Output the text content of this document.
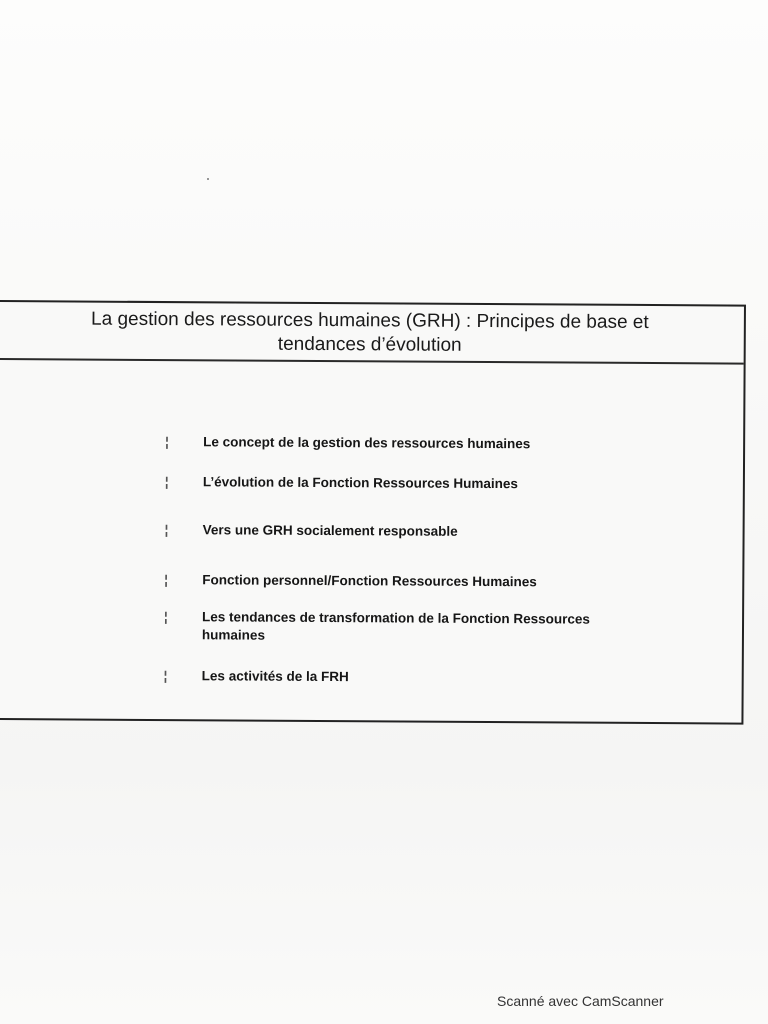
La gestion des ressources humaines (GRH) : Principes de base et tendances d’évolution
¦	Le concept de la gestion des ressources humaines
¦	L’évolution de la Fonction Ressources Humaines
¦	Vers une GRH socialement responsable
¦	Fonction personnel/Fonction Ressources Humaines
¦	Les tendances de transformation de la Fonction Ressources humaines
¦	Les activités de la FRH
Scanné avec CamScanner
